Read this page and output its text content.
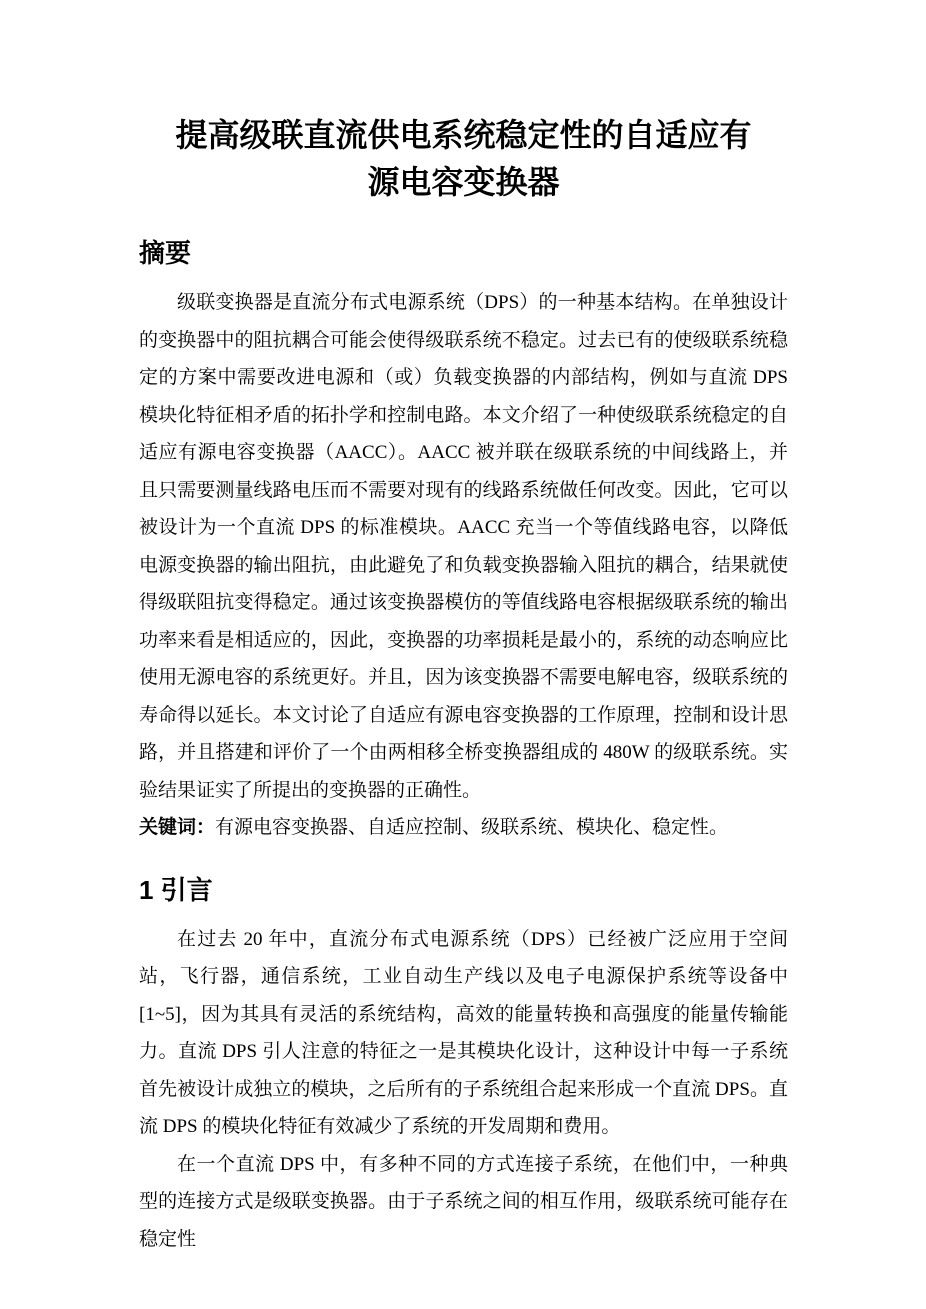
提高级联直流供电系统稳定性的自适应有
源电容变换器
摘要

级联变换器是直流分布式电源系统（DPS）的一种基本结构。在单独设计的变换器中的阻抗耦合可能会使得级联系统不稳定。过去已有的使级联系统稳定的方案中需要改进电源和（或）负载变换器的内部结构，例如与直流 DPS 模块化特征相矛盾的拓扑学和控制电路。本文介绍了一种使级联系统稳定的自适应有源电容变换器（AACC）。AACC 被并联在级联系统的中间线路上，并且只需要测量线路电压而不需要对现有的线路系统做任何改变。因此，它可以被设计为一个直流 DPS 的标准模块。AACC 充当一个等值线路电容，以降低电源变换器的输出阻抗，由此避免了和负载变换器输入阻抗的耦合，结果就使得级联阻抗变得稳定。通过该变换器模仿的等值线路电容根据级联系统的输出功率来看是相适应的，因此，变换器的功率损耗是最小的，系统的动态响应比使用无源电容的系统更好。并且，因为该变换器不需要电解电容，级联系统的寿命得以延长。本文讨论了自适应有源电容变换器的工作原理，控制和设计思路，并且搭建和评价了一个由两相移全桥变换器组成的 480W 的级联系统。实验结果证实了所提出的变换器的正确性。

关键词：有源电容变换器、自适应控制、级联系统、模块化、稳定性。

1 引言

在过去 20 年中，直流分布式电源系统（DPS）已经被广泛应用于空间站，飞行器，通信系统，工业自动生产线以及电子电源保护系统等设备中[1~5]，因为其具有灵活的系统结构，高效的能量转换和高强度的能量传输能力。直流 DPS 引人注意的特征之一是其模块化设计，这种设计中每一子系统首先被设计成独立的模块，之后所有的子系统组合起来形成一个直流 DPS。直流 DPS 的模块化特征有效减少了系统的开发周期和费用。

在一个直流 DPS 中，有多种不同的方式连接子系统，在他们中，一种典型的连接方式是级联变换器。由于子系统之间的相互作用，级联系统可能存在稳定性
